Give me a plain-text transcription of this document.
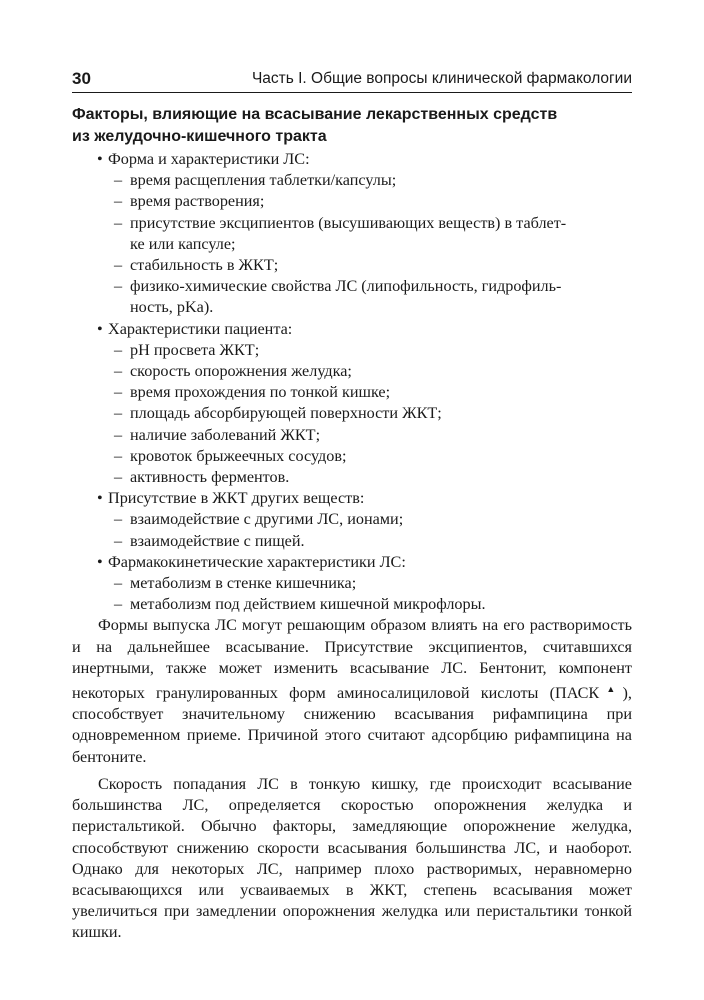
30	Часть I. Общие вопросы клинической фармакологии
Факторы, влияющие на всасывание лекарственных средств
из желудочно-кишечного тракта
• Форма и характеристики ЛС:
– время расщепления таблетки/капсулы;
– время растворения;
– присутствие эксципиентов (высушивающих веществ) в таблет-
ке или капсуле;
– стабильность в ЖКТ;
– физико-химические свойства ЛС (липофильность, гидрофиль-
ность, pKa).
• Характеристики пациента:
– pH просвета ЖКТ;
– скорость опорожнения желудка;
– время прохождения по тонкой кишке;
– площадь абсорбирующей поверхности ЖКТ;
– наличие заболеваний ЖКТ;
– кровоток брыжеечных сосудов;
– активность ферментов.
• Присутствие в ЖКТ других веществ:
– взаимодействие с другими ЛС, ионами;
– взаимодействие с пищей.
• Фармакокинетические характеристики ЛС:
– метаболизм в стенке кишечника;
– метаболизм под действием кишечной микрофлоры.

Формы выпуска ЛС могут решающим образом влиять на его растворимость и на дальнейшее всасывание. Присутствие эксципиентов, считавшихся инертными, также может изменить всасывание ЛС. Бентонит, компонент некоторых гранулированных форм аминосалициловой кислоты (ПАСК▲), способствует значительному снижению всасывания рифампицина при одновременном приеме. Причиной этого считают адсорбцию рифампицина на бентоните.

Скорость попадания ЛС в тонкую кишку, где происходит всасывание большинства ЛС, определяется скоростью опорожнения желудка и перистальтикой. Обычно факторы, замедляющие опорожнение желудка, способствуют снижению скорости всасывания большинства ЛС, и наоборот. Однако для некоторых ЛС, например плохо растворимых, неравномерно всасывающихся или усваиваемых в ЖКТ, степень всасывания может увеличиться при замедлении опорожнения желудка или перистальтики тонкой кишки.
